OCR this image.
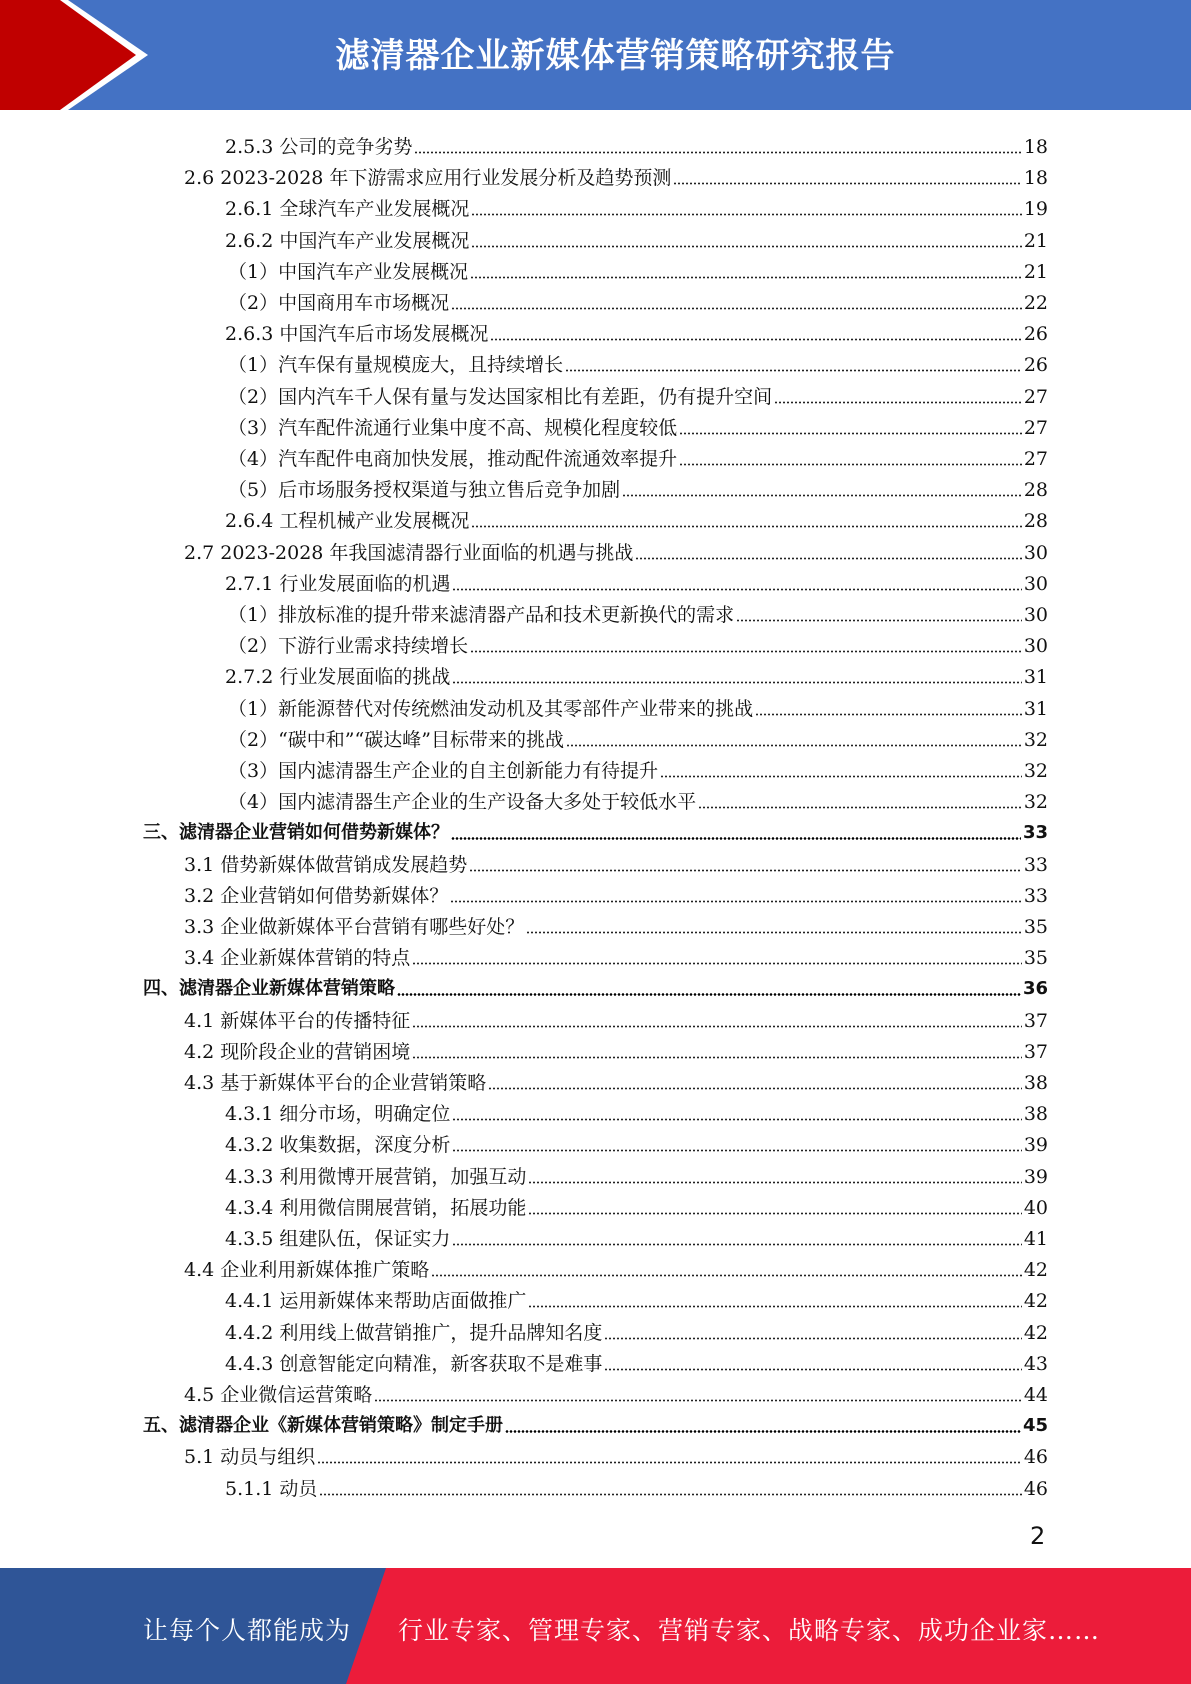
滤清器企业新媒体营销策略研究报告
2.5.3 公司的竞争劣势	18
2.6 2023-2028 年下游需求应用行业发展分析及趋势预测	18
2.6.1 全球汽车产业发展概况	19
2.6.2 中国汽车产业发展概况	21
（1）中国汽车产业发展概况	21
（2）中国商用车市场概况	22
2.6.3 中国汽车后市场发展概况	26
（1）汽车保有量规模庞大，且持续增长	26
（2）国内汽车千人保有量与发达国家相比有差距，仍有提升空间	27
（3）汽车配件流通行业集中度不高、规模化程度较低	27
（4）汽车配件电商加快发展，推动配件流通效率提升	27
（5）后市场服务授权渠道与独立售后竞争加剧	28
2.6.4 工程机械产业发展概况	28
2.7 2023-2028 年我国滤清器行业面临的机遇与挑战	30
2.7.1 行业发展面临的机遇	30
（1）排放标准的提升带来滤清器产品和技术更新换代的需求	30
（2）下游行业需求持续增长	30
2.7.2 行业发展面临的挑战	31
（1）新能源替代对传统燃油发动机及其零部件产业带来的挑战	31
（2）“碳中和”“碳达峰”目标带来的挑战	32
（3）国内滤清器生产企业的自主创新能力有待提升	32
（4）国内滤清器生产企业的生产设备大多处于较低水平	32
三、滤清器企业营销如何借势新媒体？	33
3.1 借势新媒体做营销成发展趋势	33
3.2 企业营销如何借势新媒体？	33
3.3 企业做新媒体平台营销有哪些好处？	35
3.4 企业新媒体营销的特点	35
四、滤清器企业新媒体营销策略	36
4.1 新媒体平台的传播特征	37
4.2 现阶段企业的营销困境	37
4.3 基于新媒体平台的企业营销策略	38
4.3.1 细分市场，明确定位	38
4.3.2 收集数据，深度分析	39
4.3.3 利用微博开展营销，加强互动	39
4.3.4 利用微信開展营销，拓展功能	40
4.3.5 组建队伍，保证实力	41
4.4 企业利用新媒体推广策略	42
4.4.1 运用新媒体来帮助店面做推广	42
4.4.2 利用线上做营销推广，提升品牌知名度	42
4.4.3 创意智能定向精准，新客获取不是难事	43
4.5 企业微信运营策略	44
五、滤清器企业《新媒体营销策略》制定手册	45
5.1 动员与组织	46
5.1.1 动员	46
2
让每个人都能成为 行业专家、管理专家、营销专家、战略专家、成功企业家……
